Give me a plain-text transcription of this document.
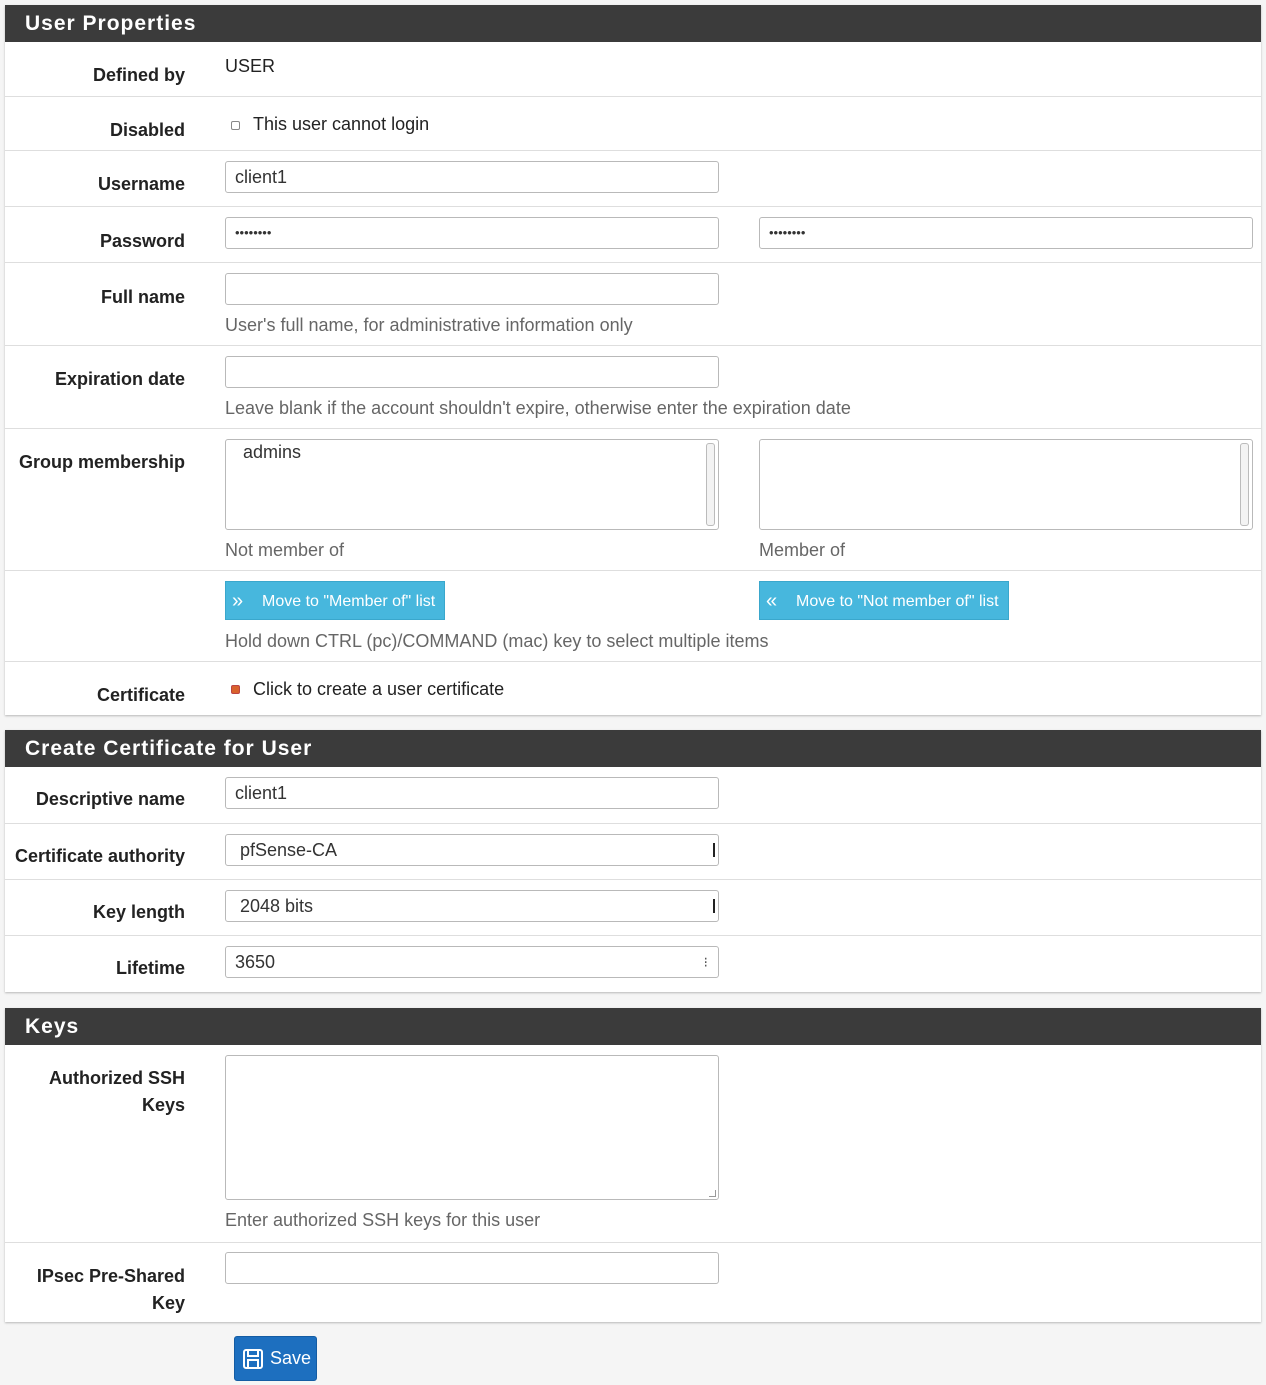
User Properties
Defined by USER
Disabled	This user cannot login
Username	client1
Password	••••••••	••••••••
Full name
User's full name, for administrative information only
Expiration date
Leave blank if the account shouldn't expire, otherwise enter the expiration date
Group membership	admins
Not member of	Member of
» Move to "Member of" list	« Move to "Not member of" list
Hold down CTRL (pc)/COMMAND (mac) key to select multiple items
Certificate	Click to create a user certificate
Create Certificate for User
Descriptive name	client1
Certificate authority	pfSense-CA
Key length	2048 bits
Lifetime	3650	⁝
Keys
Authorized SSH
Keys
Enter authorized SSH keys for this user
IPsec Pre-Shared
Key
Save
